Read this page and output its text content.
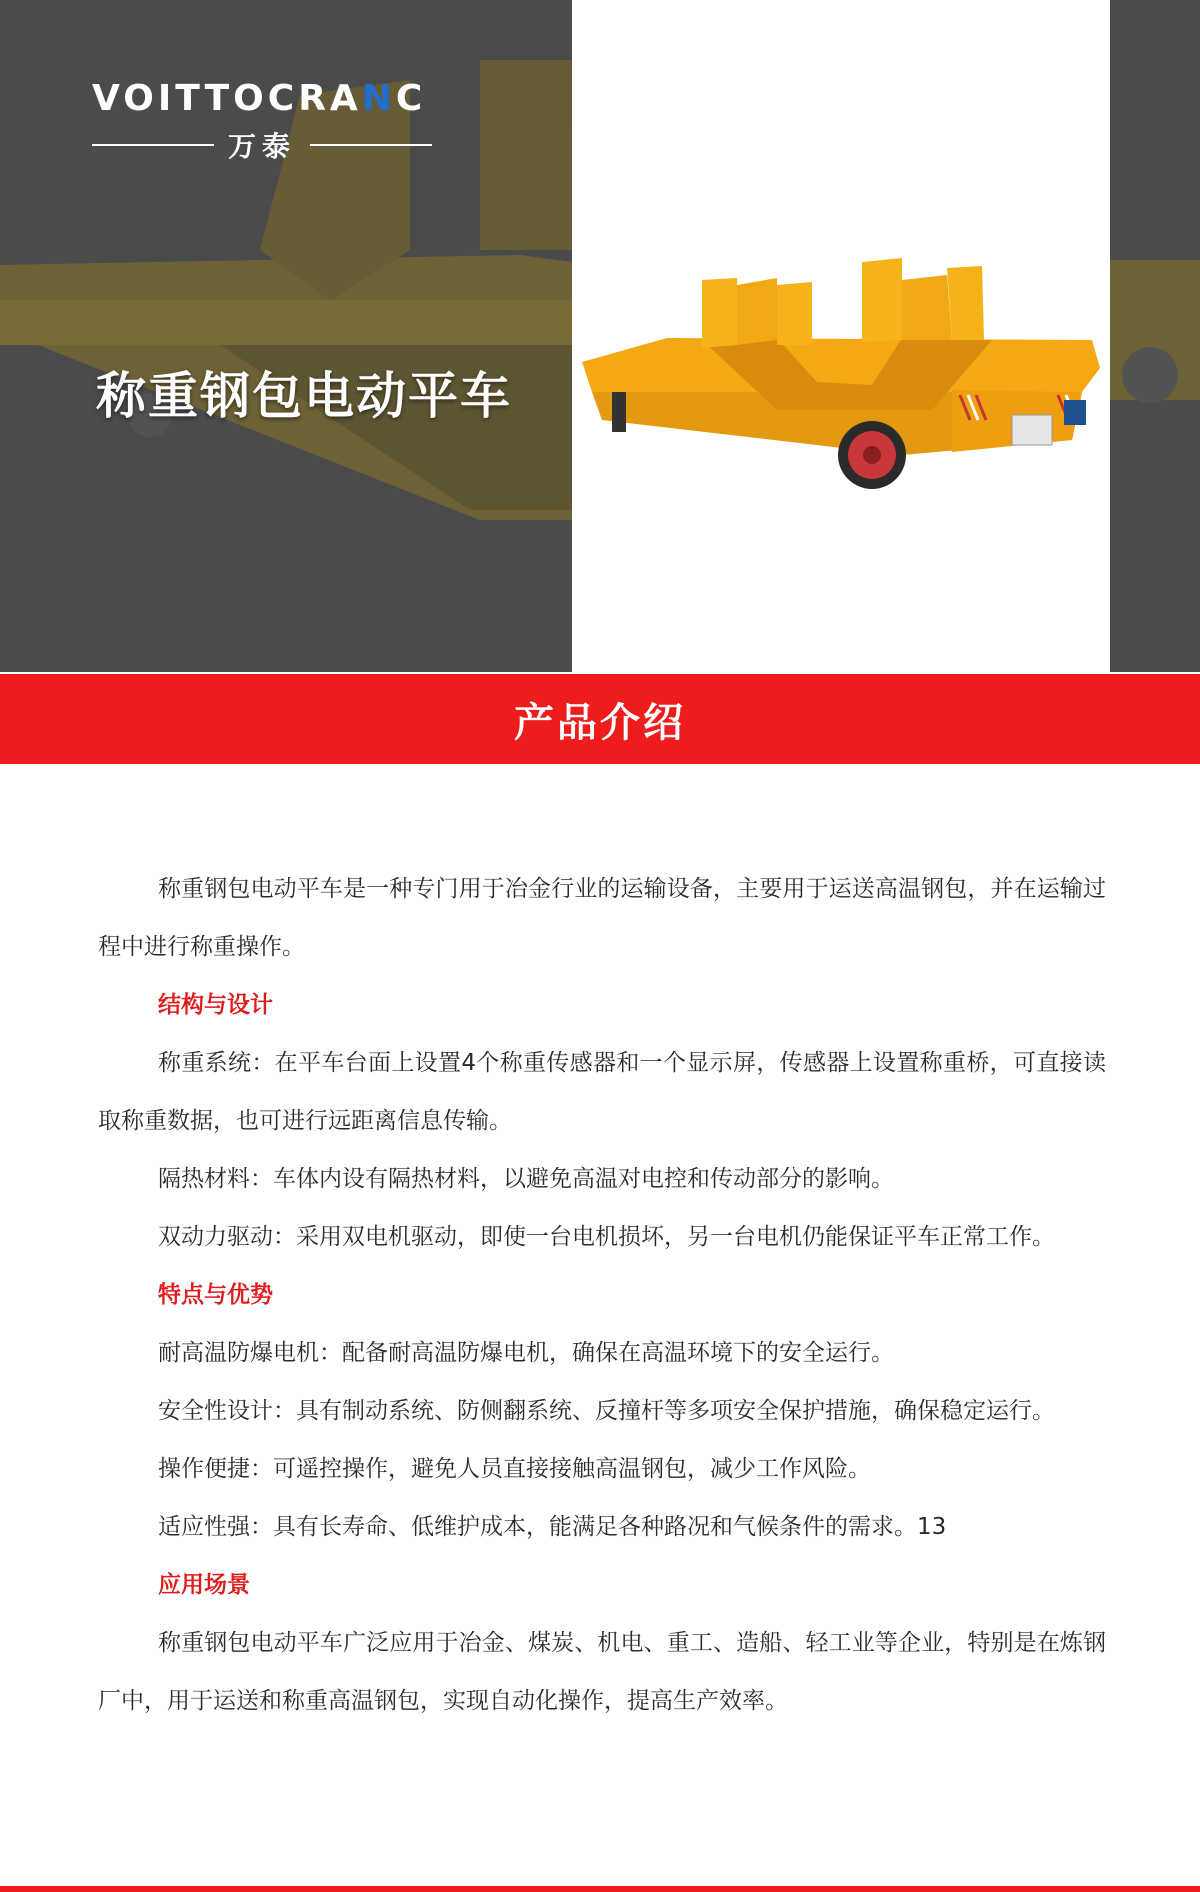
VOITTOCRANC
万泰
称重钢包电动平车
产品介绍

称重钢包电动平车是一种专门用于冶金行业的运输设备，主要用于运送高温钢包，并在运输过程中进行称重操作。

结构与设计

称重系统：在平车台面上设置4个称重传感器和一个显示屏，传感器上设置称重桥，可直接读取称重数据，也可进行远距离信息传输。

隔热材料：车体内设有隔热材料，以避免高温对电控和传动部分的影响。

双动力驱动：采用双电机驱动，即使一台电机损坏，另一台电机仍能保证平车正常工作。

特点与优势

耐高温防爆电机：配备耐高温防爆电机，确保在高温环境下的安全运行。

安全性设计：具有制动系统、防侧翻系统、反撞杆等多项安全保护措施，确保稳定运行。

操作便捷：可遥控操作，避免人员直接接触高温钢包，减少工作风险。

适应性强：具有长寿命、低维护成本，能满足各种路况和气候条件的需求。13

应用场景

称重钢包电动平车广泛应用于冶金、煤炭、机电、重工、造船、轻工业等企业，特别是在炼钢厂中，用于运送和称重高温钢包，实现自动化操作，提高生产效率。
